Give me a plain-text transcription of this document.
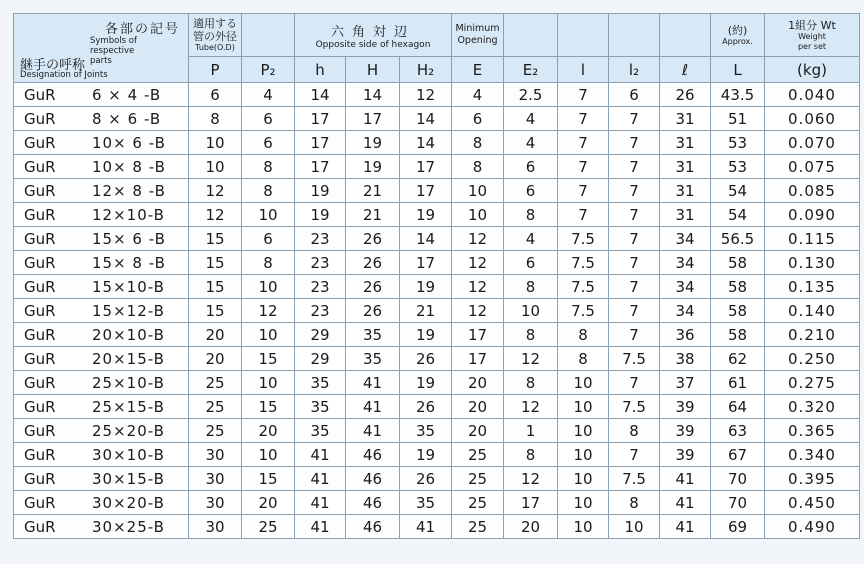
各部の記号
Symbols of respective parts
継手の呼称
Designation of Joints	適用する
管の外径
Tube(O.D)		六角対辺
Opposite side of hexagon			Minimum
Opening					(約)
Approx.	1組分 Wt
Weight
per set

	P	P₂	h	H	H₂	E	E₂	l	l₂	ℓ	L	(kg)

GuR 6 × 4 -B	6	4	14	14	12	4	2.5	7	6	26	43.5	0.040

GuR 8 × 6 -B	8	6	17	17	14	6	4	7	7	31	51	0.060

GuR 10× 6 -B	10	6	17	19	14	8	4	7	7	31	53	0.070

GuR 10× 8 -B	10	8	17	19	17	8	6	7	7	31	53	0.075

GuR 12× 8 -B	12	8	19	21	17	10	6	7	7	31	54	0.085

GuR 12×10-B	12	10	19	21	19	10	8	7	7	31	54	0.090

GuR 15× 6 -B	15	6	23	26	14	12	4	7.5	7	34	56.5	0.115

GuR 15× 8 -B	15	8	23	26	17	12	6	7.5	7	34	58	0.130

GuR 15×10-B	15	10	23	26	19	12	8	7.5	7	34	58	0.135

GuR 15×12-B	15	12	23	26	21	12	10	7.5	7	34	58	0.140

GuR 20×10-B	20	10	29	35	19	17	8	8	7	36	58	0.210

GuR 20×15-B	20	15	29	35	26	17	12	8	7.5	38	62	0.250

GuR 25×10-B	25	10	35	41	19	20	8	10	7	37	61	0.275

GuR 25×15-B	25	15	35	41	26	20	12	10	7.5	39	64	0.320

GuR 25×20-B	25	20	35	41	35	20	1	10	8	39	63	0.365

GuR 30×10-B	30	10	41	46	19	25	8	10	7	39	67	0.340

GuR 30×15-B	30	15	41	46	26	25	12	10	7.5	41	70	0.395

GuR 30×20-B	30	20	41	46	35	25	17	10	8	41	70	0.450

GuR 30×25-B	30	25	41	46	41	25	20	10	10	41	69	0.490
